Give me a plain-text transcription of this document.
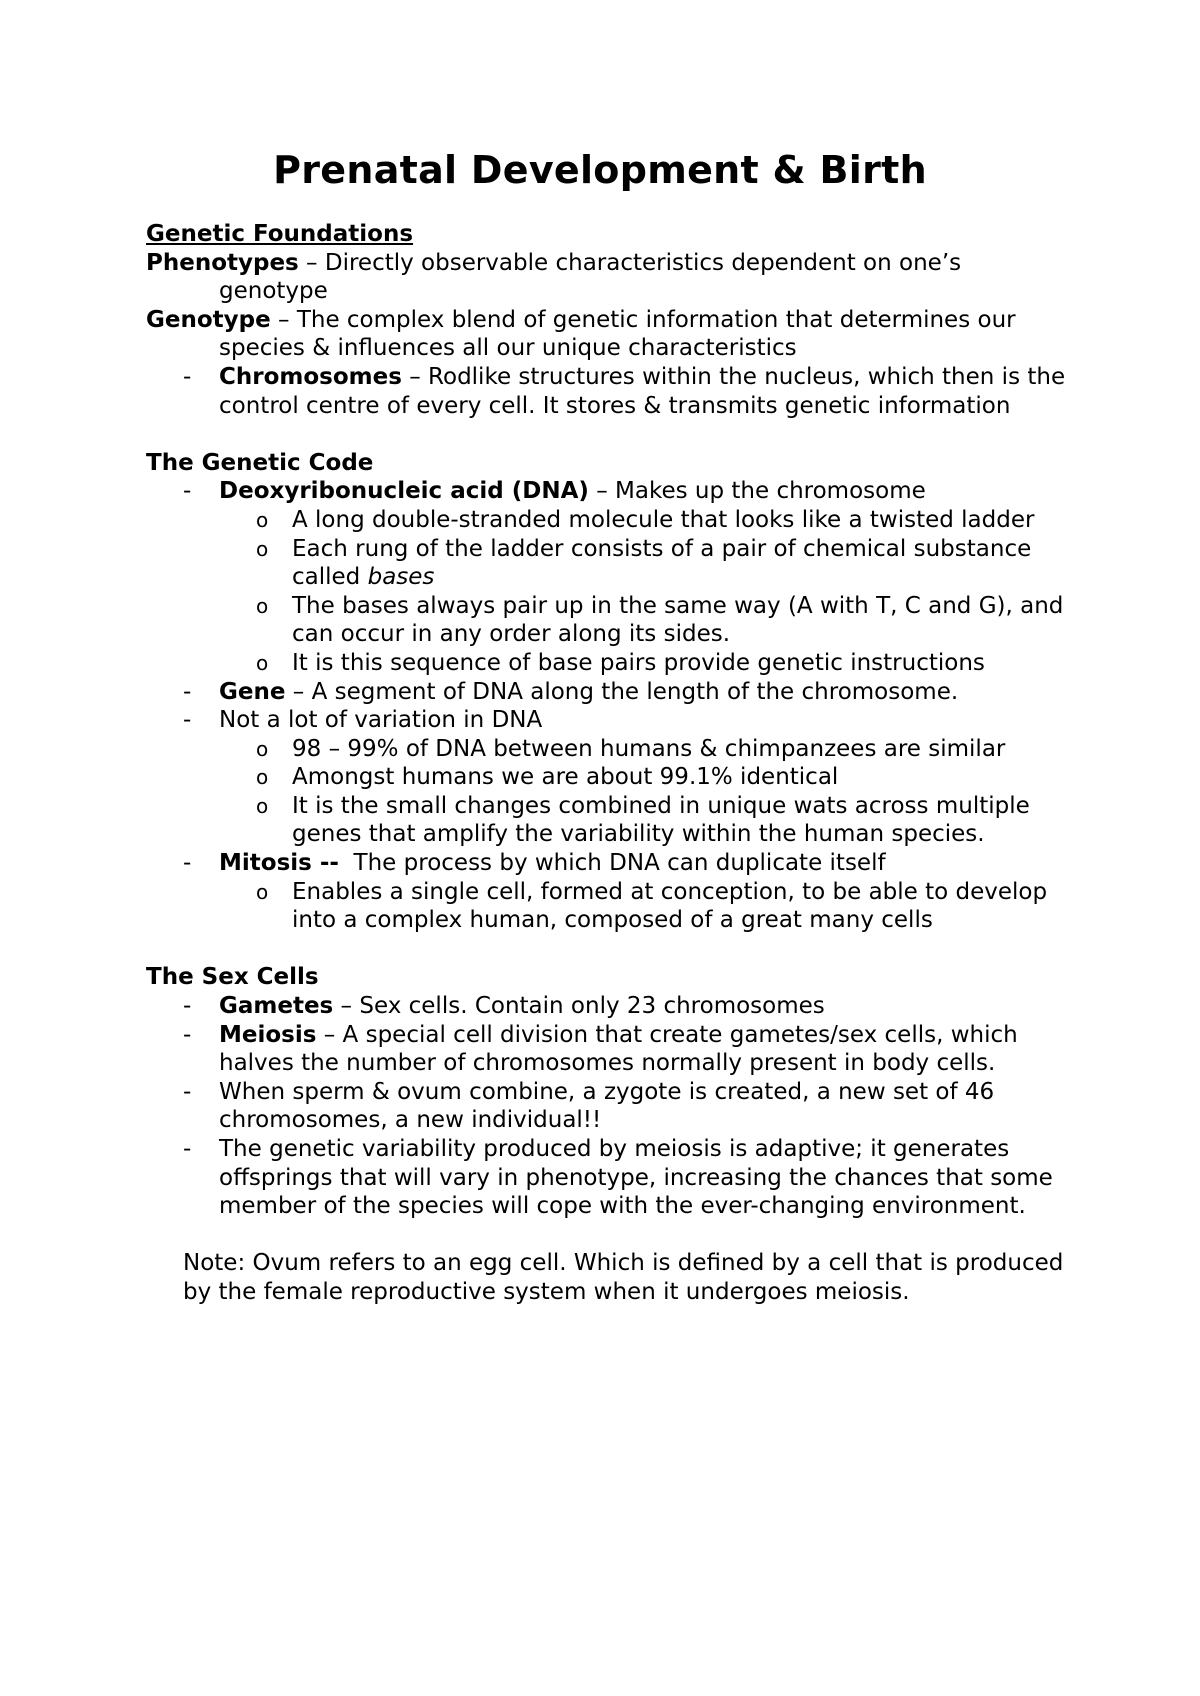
Prenatal Development & Birth
Genetic Foundations
Phenotypes – Directly observable characteristics dependent on one’s genotype
Genotype – The complex blend of genetic information that determines our species & influences all our unique characteristics
- Chromosomes – Rodlike structures within the nucleus, which then is the control centre of every cell. It stores & transmits genetic information
The Genetic Code
- Deoxyribonucleic acid (DNA) – Makes up the chromosome
o A long double-stranded molecule that looks like a twisted ladder
o Each rung of the ladder consists of a pair of chemical substance called bases
o The bases always pair up in the same way (A with T, C and G), and can occur in any order along its sides.
o It is this sequence of base pairs provide genetic instructions
- Gene – A segment of DNA along the length of the chromosome.
- Not a lot of variation in DNA
o 98 – 99% of DNA between humans & chimpanzees are similar
o Amongst humans we are about 99.1% identical
o It is the small changes combined in unique wats across multiple genes that amplify the variability within the human species.
- Mitosis --  The process by which DNA can duplicate itself
o Enables a single cell, formed at conception, to be able to develop into a complex human, composed of a great many cells
The Sex Cells
- Gametes – Sex cells. Contain only 23 chromosomes
- Meiosis – A special cell division that create gametes/sex cells, which halves the number of chromosomes normally present in body cells.
- When sperm & ovum combine, a zygote is created, a new set of 46 chromosomes, a new individual!!
- The genetic variability produced by meiosis is adaptive; it generates offsprings that will vary in phenotype, increasing the chances that some member of the species will cope with the ever-changing environment.
Note: Ovum refers to an egg cell. Which is defined by a cell that is produced by the female reproductive system when it undergoes meiosis.
